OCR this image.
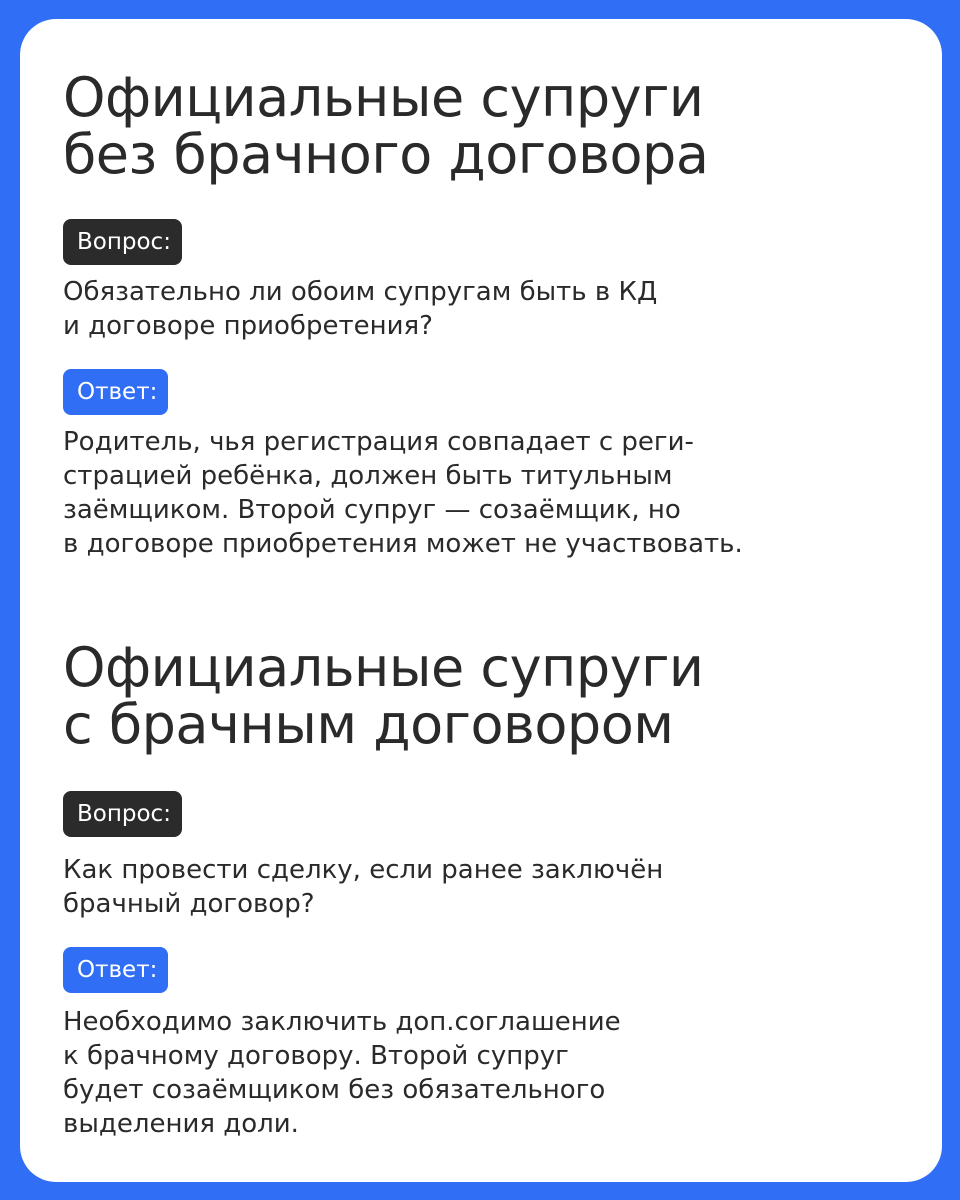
Официальные супруги
без брачного договора
Вопрос:

Обязательно ли обоим супругам быть в КД
и договоре приобретения?

Ответ:

Родитель, чья регистрация совпадает с реги-
страцией ребёнка, должен быть титульным
заёмщиком. Второй супруг — созаёмщик, но
в договоре приобретения может не участвовать.

Официальные супруги
с брачным договором
Вопрос:

Как провести сделку, если ранее заключён
брачный договор?

Ответ:

Необходимо заключить доп.соглашение
к брачному договору. Второй супруг
будет созаёмщиком без обязательного
выделения доли.
